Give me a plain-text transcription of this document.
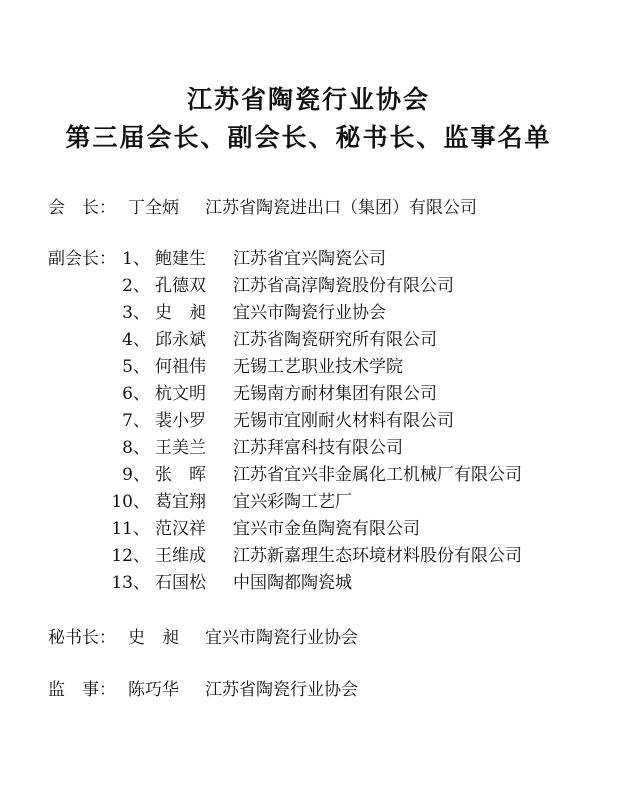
江苏省陶瓷行业协会
第三届会长、副会长、秘书长、监事名单
会　长： 丁全炳 江苏省陶瓷进出口（集团）有限公司
副会长： 1、 鲍建生 江苏省宜兴陶瓷公司
2、 孔德双 江苏省高淳陶瓷股份有限公司
3、 史　昶 宜兴市陶瓷行业协会
4、 邱永斌 江苏省陶瓷研究所有限公司
5、 何祖伟 无锡工艺职业技术学院
6、 杭文明 无锡南方耐材集团有限公司
7、 裴小罗 无锡市宜刚耐火材料有限公司
8、 王美兰 江苏拜富科技有限公司
9、 张　晖 江苏省宜兴非金属化工机械厂有限公司
10、 葛宜翔 宜兴彩陶工艺厂
11、 范汉祥 宜兴市金鱼陶瓷有限公司
12、 王维成 江苏新嘉理生态环境材料股份有限公司
13、 石国松 中国陶都陶瓷城
秘书长： 史　昶 宜兴市陶瓷行业协会
监　事： 陈巧华 江苏省陶瓷行业协会
